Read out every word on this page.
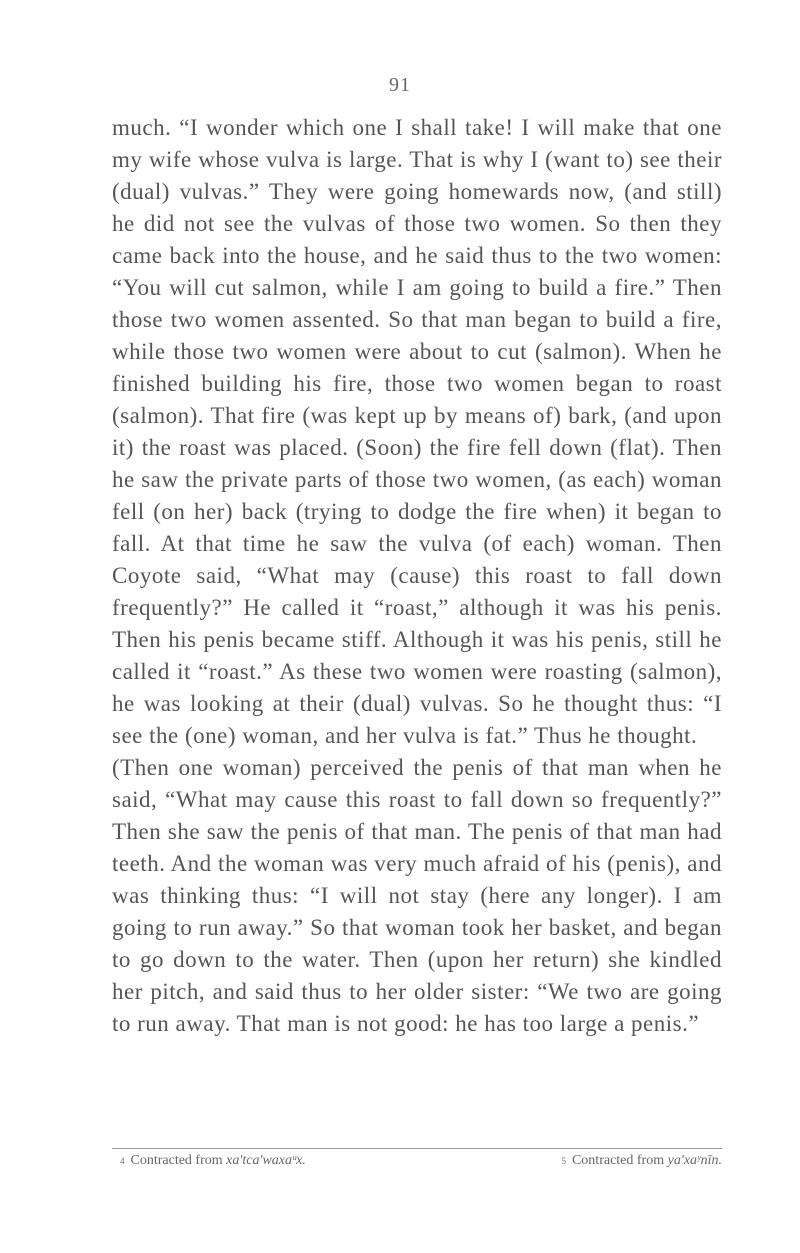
91

much. “I wonder which one I shall take! I will make that one my wife whose vulva is large. That is why I (want to) see their (dual) vulvas.” They were going homewards now, (and still) he did not see the vulvas of those two women. So then they came back into the house, and he said thus to the two women: “You will cut salmon, while I am going to build a fire.” Then those two women assented. So that man began to build a fire, while those two women were about to cut (salmon). When he finished building his fire, those two women began to roast (salmon). That fire (was kept up by means of) bark, (and upon it) the roast was placed. (Soon) the fire fell down (flat). Then he saw the private parts of those two women, (as each) woman fell (on her) back (trying to dodge the fire when) it began to fall. At that time he saw the vulva (of each) woman. Then Coyote said, “What may (cause) this roast to fall down frequently?” He called it “roast,” although it was his penis. Then his penis became stiff. Although it was his penis, still he called it “roast.” As these two women were roasting (salmon), he was looking at their (dual) vulvas. So he thought thus: “I see the (one) woman, and her vulva is fat.” Thus he thought.

(Then one woman) perceived the penis of that man when he said, “What may cause this roast to fall down so frequently?” Then she saw the penis of that man. The penis of that man had teeth. And the woman was very much afraid of his (penis), and was thinking thus: “I will not stay (here any longer). I am going to run away.” So that woman took her basket, and began to go down to the water. Then (upon her return) she kindled her pitch, and said thus to her older sister: “We two are going to run away. That man is not good: he has too large a penis.”

$^4$ Contracted from xa'tca'waxaᵘx.	$^5$ Contracted from ya'xaʸnīn.
